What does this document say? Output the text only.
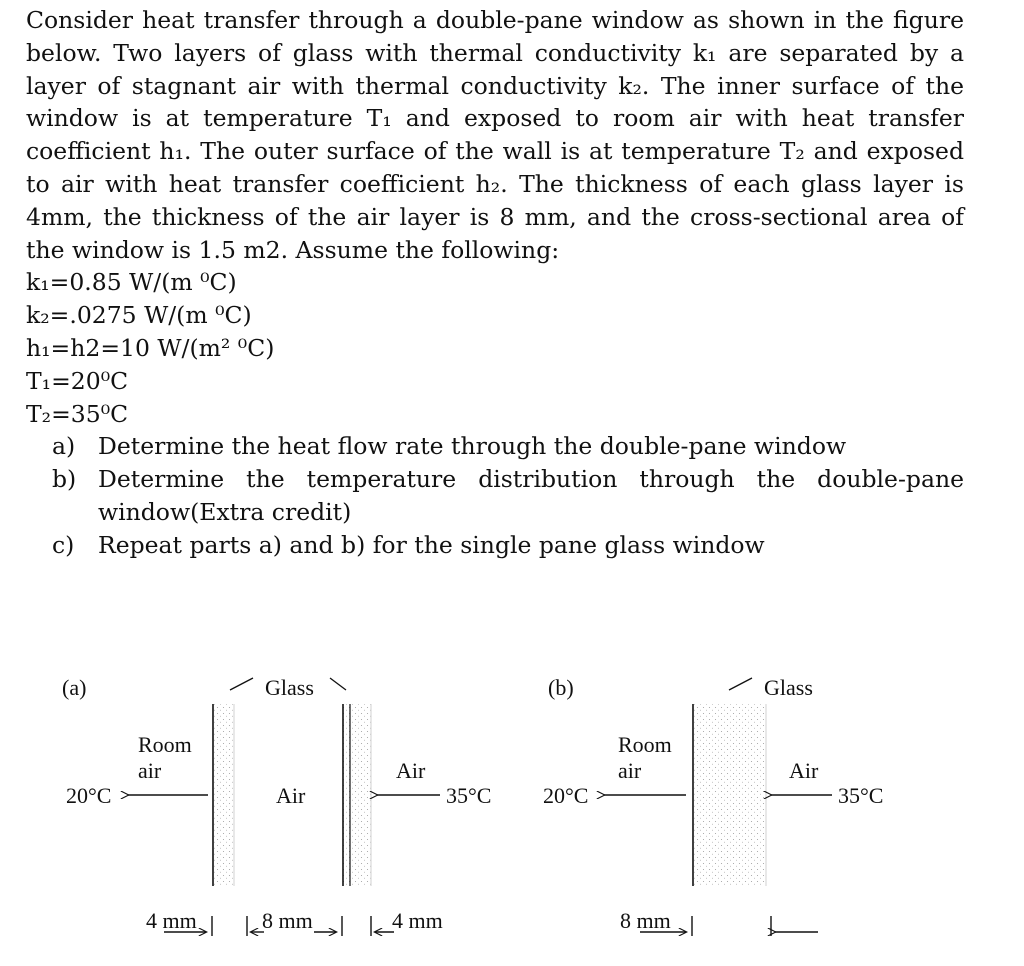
Consider heat transfer through a double-pane window as shown in the figure below. Two layers of glass with thermal conductivity k₁ are separated by a layer of stagnant air with thermal conductivity k₂. The inner surface of the window is at temperature T₁ and exposed to room air with heat transfer coefficient h₁. The outer surface of the wall is at temperature T₂ and exposed to air with heat transfer coefficient h₂. The thickness of each glass layer is 4mm, the thickness of the air layer is 8 mm, and the cross-sectional area of the window is 1.5 m2. Assume the following:

k₁=0.85 W/(m ⁰C)
k₂=.0275 W/(m ⁰C)
h₁=h2=10 W/(m² ⁰C)
T₁=20⁰C
T₂=35⁰C
a) Determine the heat flow rate through the double-pane window
b) Determine the temperature distribution through the double-pane
window(Extra credit)
c)	Repeat parts a) and b) for the single pane glass window
(a)	Glass
Room
air
20°C	Air
Air
35°C
4 mm	8 mm	4 mm
(b)	Glass
Room
air
20°C
Air
35°C
8 mm
